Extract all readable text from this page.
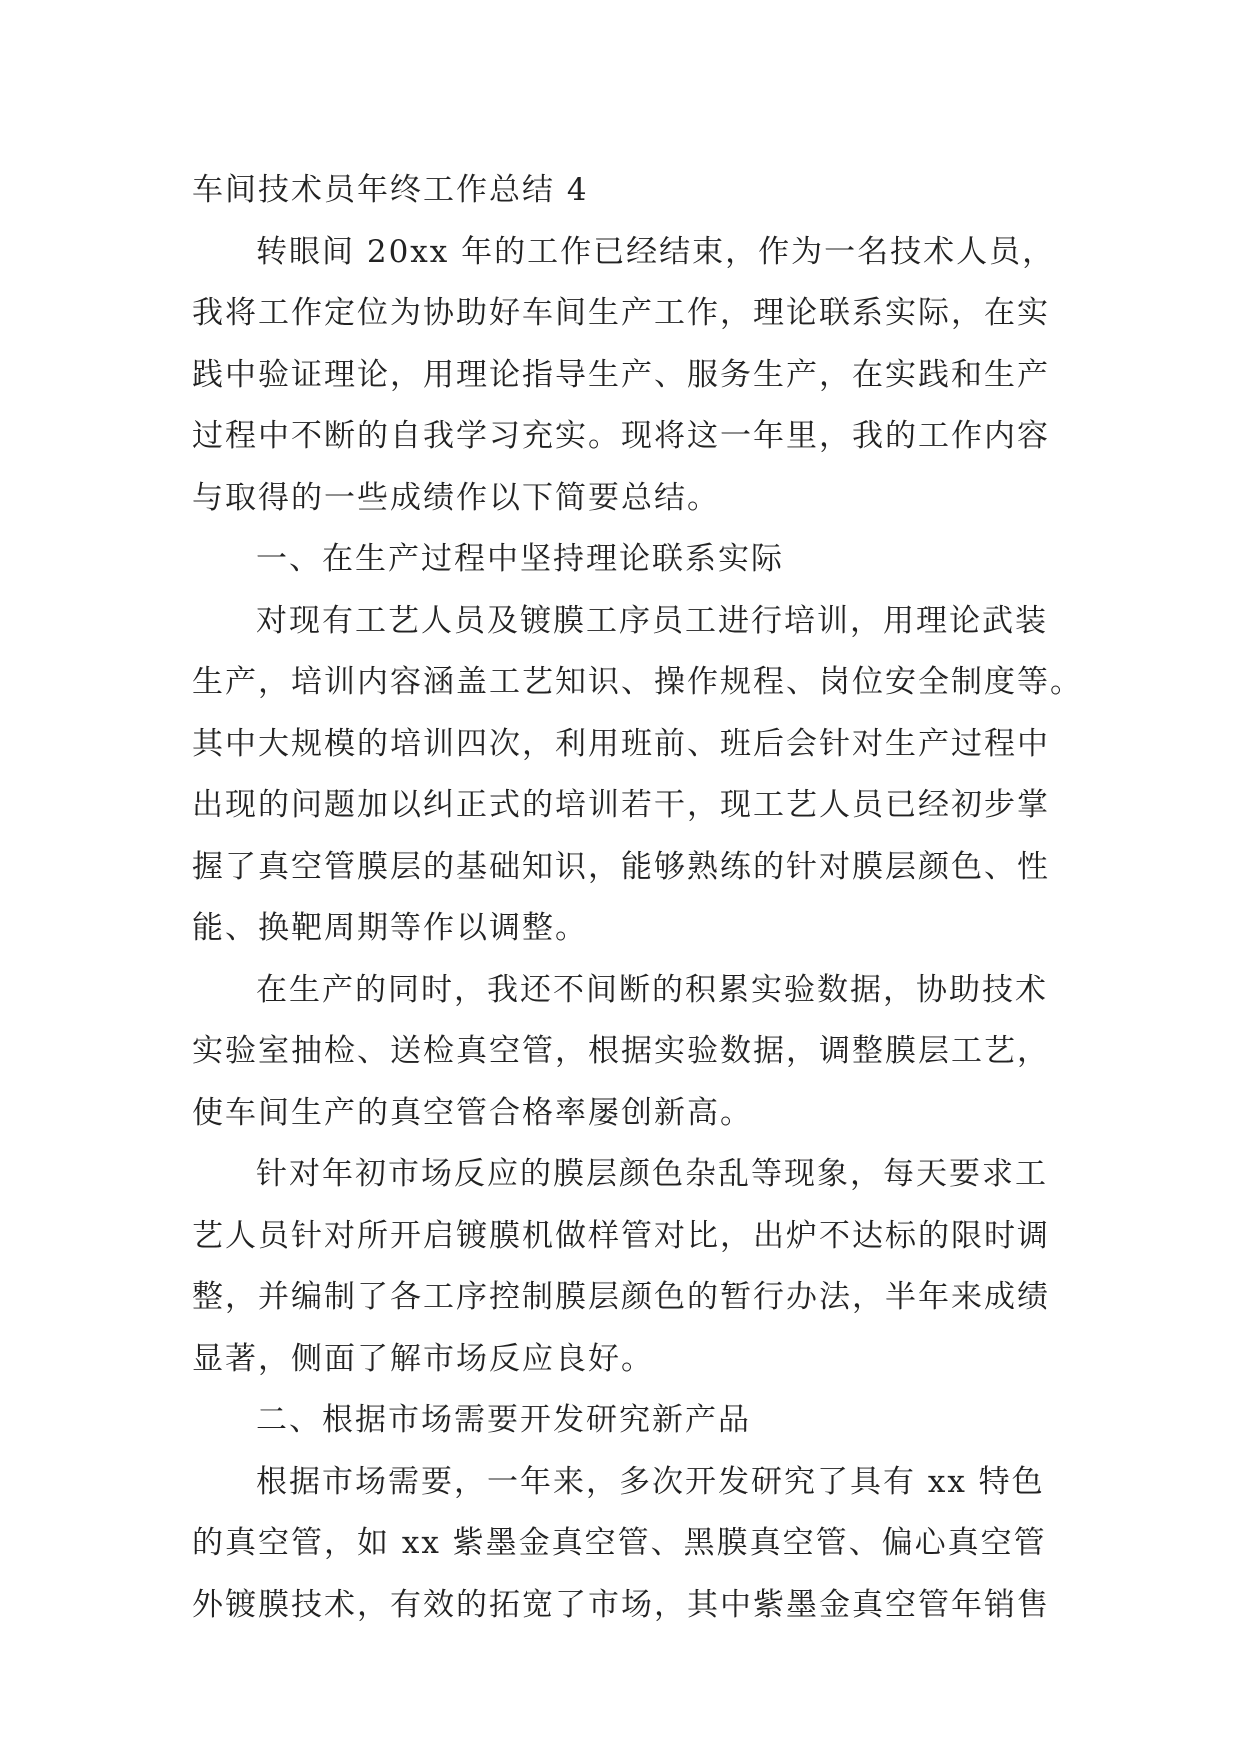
车间技术员年终工作总结 4
转眼间 20xx 年的工作已经结束，作为一名技术人员，
我将工作定位为协助好车间生产工作，理论联系实际，在实
践中验证理论，用理论指导生产、服务生产，在实践和生产
过程中不断的自我学习充实。现将这一年里，我的工作内容
与取得的一些成绩作以下简要总结。
一、在生产过程中坚持理论联系实际
对现有工艺人员及镀膜工序员工进行培训，用理论武装
生产，培训内容涵盖工艺知识、操作规程、岗位安全制度等。
其中大规模的培训四次，利用班前、班后会针对生产过程中
出现的问题加以纠正式的培训若干，现工艺人员已经初步掌
握了真空管膜层的基础知识，能够熟练的针对膜层颜色、性
能、换靶周期等作以调整。
在生产的同时，我还不间断的积累实验数据，协助技术
实验室抽检、送检真空管，根据实验数据，调整膜层工艺，
使车间生产的真空管合格率屡创新高。
针对年初市场反应的膜层颜色杂乱等现象，每天要求工
艺人员针对所开启镀膜机做样管对比，出炉不达标的限时调
整，并编制了各工序控制膜层颜色的暂行办法，半年来成绩
显著，侧面了解市场反应良好。
二、根据市场需要开发研究新产品
根据市场需要，一年来，多次开发研究了具有 xx 特色
的真空管，如 xx 紫墨金真空管、黑膜真空管、偏心真空管
外镀膜技术，有效的拓宽了市场，其中紫墨金真空管年销售
